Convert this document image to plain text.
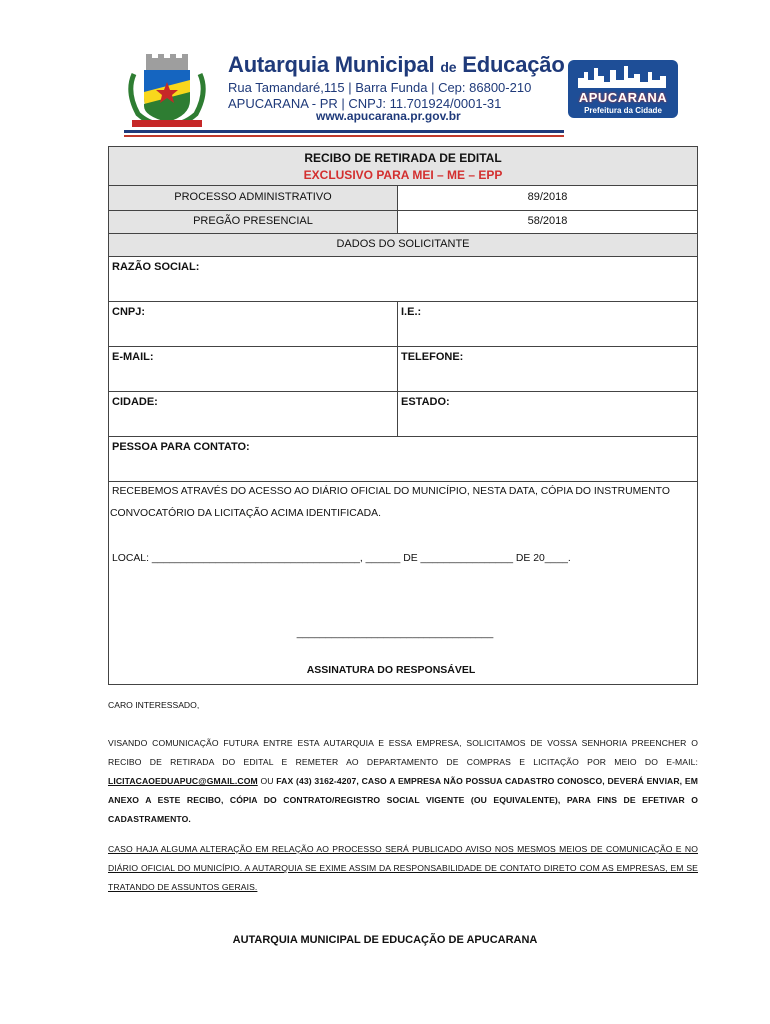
Autarquia Municipal de Educação
Rua Tamandaré,115 | Barra Funda | Cep: 86800-210
APUCARANA - PR | CNPJ: 11.701924/0001-31
www.apucarana.pr.gov.br
APUCARANA
Prefeitura da Cidade
RECIBO DE RETIRADA DE EDITAL
EXCLUSIVO PARA MEI – ME – EPP
PROCESSO ADMINISTRATIVO	89/2018
PREGÃO PRESENCIAL	58/2018
DADOS DO SOLICITANTE
RAZÃO SOCIAL:
CNPJ:	I.E.:
E-MAIL:	TELEFONE:
CIDADE:	ESTADO:
PESSOA PARA CONTATO:
RECEBEMOS ATRAVÉS DO ACESSO AO DIÁRIO OFICIAL DO MUNICÍPIO, NESTA DATA, CÓPIA DO INSTRUMENTO
CONVOCATÓRIO DA LICITAÇÃO ACIMA IDENTIFICADA.
LOCAL: ____________________________________, ______ DE ________________ DE 20____.
__________________________________
ASSINATURA DO RESPONSÁVEL
CARO INTERESSADO,
VISANDO COMUNICAÇÃO FUTURA ENTRE ESTA AUTARQUIA E ESSA EMPRESA, SOLICITAMOS DE VOSSA SENHORIA PREENCHER O RECIBO DE RETIRADA DO EDITAL E REMETER AO DEPARTAMENTO DE COMPRAS E LICITAÇÃO POR MEIO DO E-MAIL: LICITACAOEDUAPUC@GMAIL.COM OU FAX (43) 3162-4207, CASO A EMPRESA NÃO POSSUA CADASTRO CONOSCO, DEVERÁ ENVIAR, EM ANEXO A ESTE RECIBO, CÓPIA DO CONTRATO/REGISTRO SOCIAL VIGENTE (OU EQUIVALENTE), PARA FINS DE EFETIVAR O CADASTRAMENTO.
CASO HAJA ALGUMA ALTERAÇÃO EM RELAÇÃO AO PROCESSO SERÁ PUBLICADO AVISO NOS MESMOS MEIOS DE COMUNICAÇÃO E NO DIÁRIO OFICIAL DO MUNICÍPIO. A AUTARQUIA SE EXIME ASSIM DA RESPONSABILIDADE DE CONTATO DIRETO COM AS EMPRESAS, EM SE TRATANDO DE ASSUNTOS GERAIS.
AUTARQUIA MUNICIPAL DE EDUCAÇÃO DE APUCARANA
